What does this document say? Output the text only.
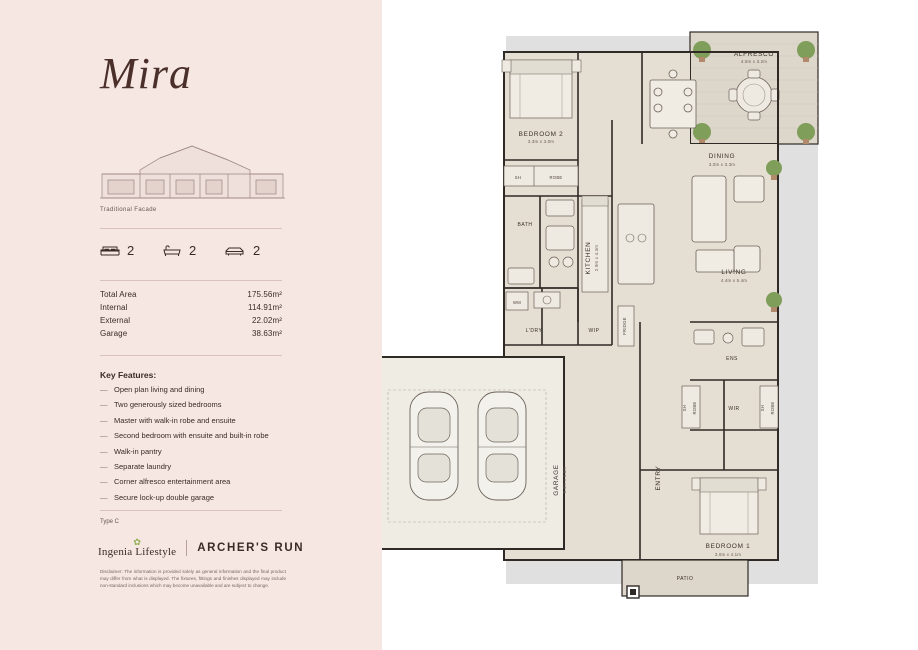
Mira
Traditional Facade
2	2	2
Total Area	175.56m²
Internal	114.91m²
External	22.02m²
Garage	38.63m²
Key Features:
— Open plan living and dining
— Two generously sized bedrooms
— Master with walk-in robe and ensuite
— Second bedroom with ensuite and built-in robe
— Walk-in pantry
— Separate laundry
— Corner alfresco entertainment area
— Secure lock-up double garage
Type C
✿
Ingenia Lifestyle ARCHER'S RUN
Disclaimer: The information is provided solely as general information and the final product may differ from what is displayed. The fixtures, fittings and finishes displayed may include non-standard inclusions which may become unavailable and are subject to change.
ALFRESCO
4.0m x 3.2m
GARAGE 5.9m x 6.5m
BEDROOM 2
3.3m x 3.0m
SH	ROBE
BATH
WM
L'DRY	WIP	FRIDGE
KITCHEN 2.9m x 4.3m
DINING
3.0m x 3.3m
LIVING
4.4m x 5.4m
ENS
SH ROBE	WIR	SH ROBE
ENTRY
BEDROOM 1
3.0m x 4.1m
PATIO
